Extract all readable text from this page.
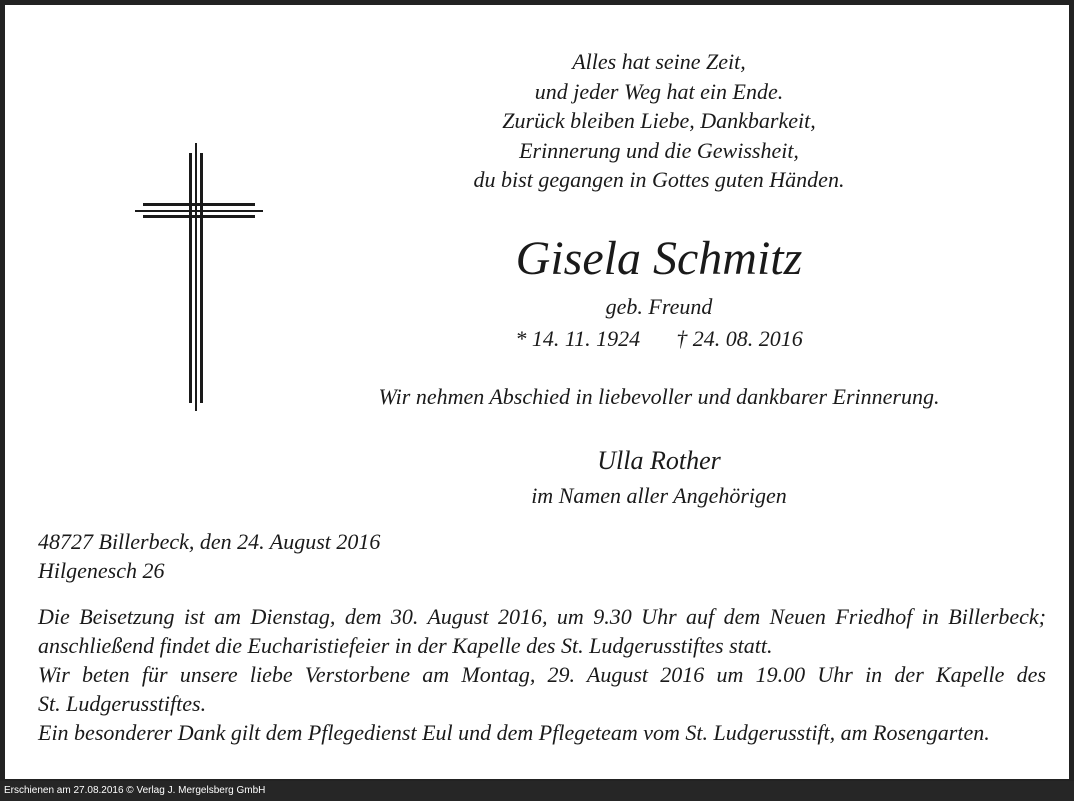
Alles hat seine Zeit,
und jeder Weg hat ein Ende.
Zurück bleiben Liebe, Dankbarkeit,
Erinnerung und die Gewissheit,
du bist gegangen in Gottes guten Händen.
Gisela Schmitz
geb. Freund
* 14. 11. 1924 † 24. 08. 2016
Wir nehmen Abschied in liebevoller und dankbarer Erinnerung.
Ulla Rother
im Namen aller Angehörigen
48727 Billerbeck, den 24. August 2016
Hilgenesch 26
Die Beisetzung ist am Dienstag, dem 30. August 2016, um 9.30 Uhr auf dem Neuen Friedhof in Billerbeck;
anschließend findet die Eucharistiefeier in der Kapelle des St. Ludgerusstiftes statt.
Wir beten für unsere liebe Verstorbene am Montag, 29. August 2016 um 19.00 Uhr in der Kapelle des
St. Ludgerusstiftes.
Ein besonderer Dank gilt dem Pflegedienst Eul und dem Pflegeteam vom St. Ludgerusstift, am Rosengarten.
Erschienen am 27.08.2016 © Verlag J. Mergelsberg GmbH
